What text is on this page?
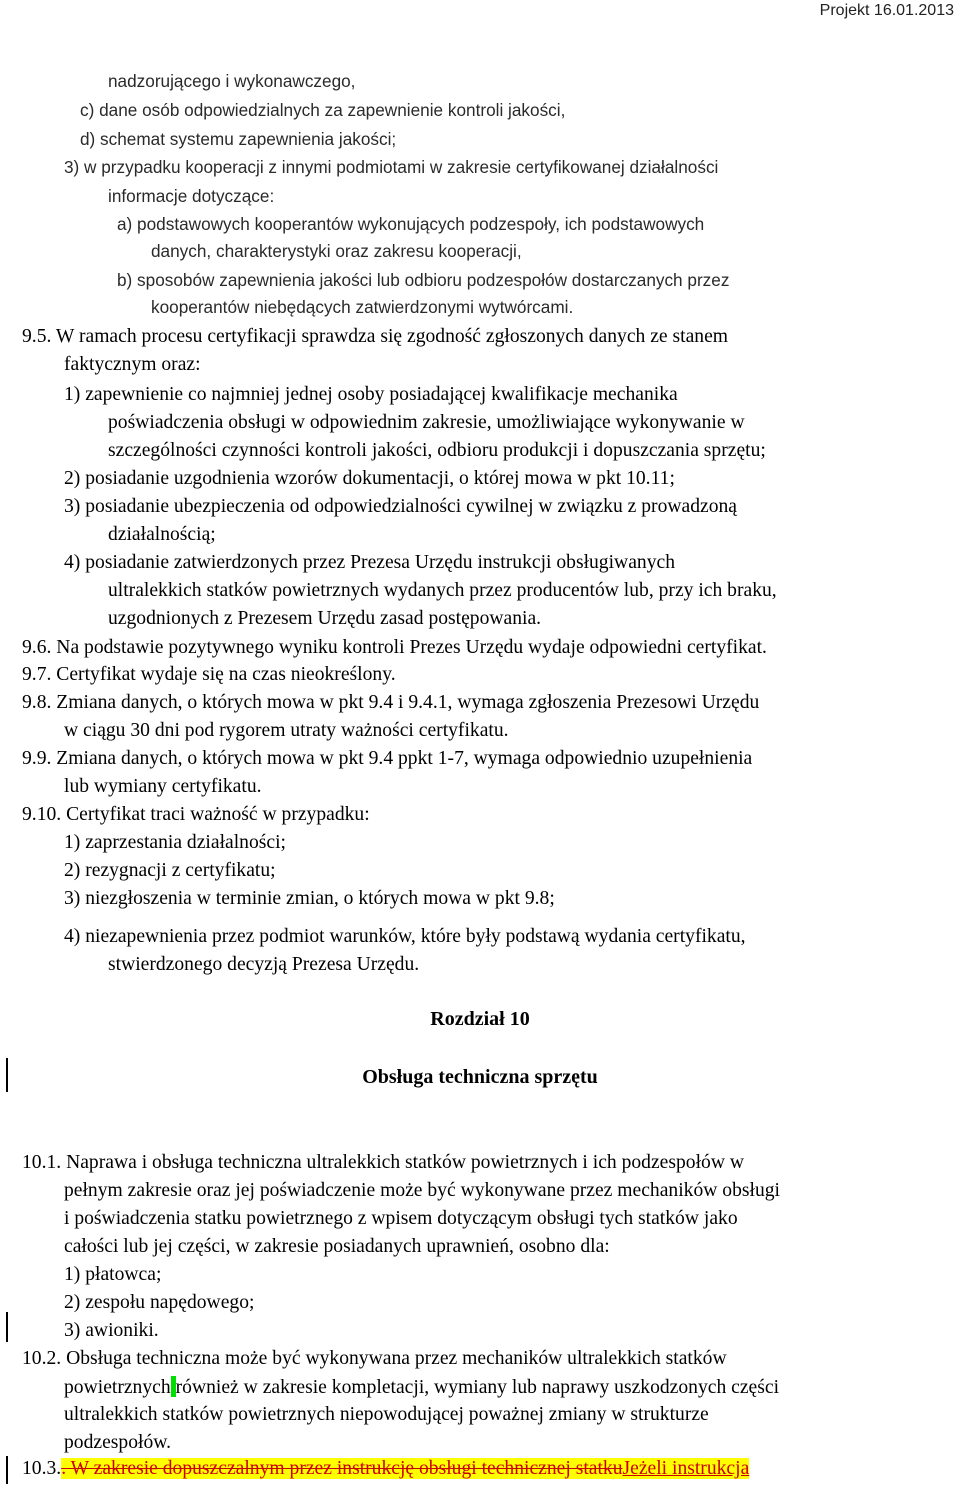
Projekt 16.01.2013
nadzorującego i wykonawczego,
c) dane osób odpowiedzialnych za zapewnienie kontroli jakości,
d) schemat systemu zapewnienia jakości;
3) w przypadku kooperacji z innymi podmiotami w zakresie certyfikowanej działalności
informacje dotyczące:
a) podstawowych kooperantów wykonujących podzespoły, ich podstawowych
danych, charakterystyki oraz zakresu kooperacji,
b) sposobów zapewnienia jakości lub odbioru podzespołów dostarczanych przez
kooperantów niebędących zatwierdzonymi wytwórcami.
9.5. W ramach procesu certyfikacji sprawdza się zgodność zgłoszonych danych ze stanem
faktycznym oraz:
1) zapewnienie co najmniej jednej osoby posiadającej kwalifikacje mechanika
poświadczenia obsługi w odpowiednim zakresie, umożliwiające wykonywanie w
szczególności czynności kontroli jakości, odbioru produkcji i dopuszczania sprzętu;
2) posiadanie uzgodnienia wzorów dokumentacji, o której mowa w pkt 10.11;
3) posiadanie ubezpieczenia od odpowiedzialności cywilnej w związku z prowadzoną
działalnością;
4) posiadanie zatwierdzonych przez Prezesa Urzędu instrukcji obsługiwanych
ultralekkich statków powietrznych wydanych przez producentów lub, przy ich braku,
uzgodnionych z Prezesem Urzędu zasad postępowania.
9.6. Na podstawie pozytywnego wyniku kontroli Prezes Urzędu wydaje odpowiedni certyfikat.
9.7. Certyfikat wydaje się na czas nieokreślony.
9.8. Zmiana danych, o których mowa w pkt 9.4 i 9.4.1, wymaga zgłoszenia Prezesowi Urzędu
w ciągu 30 dni pod rygorem utraty ważności certyfikatu.
9.9. Zmiana danych, o których mowa w pkt 9.4 ppkt 1-7, wymaga odpowiednio uzupełnienia
lub wymiany certyfikatu.
9.10. Certyfikat traci ważność w przypadku:
1) zaprzestania działalności;
2) rezygnacji z certyfikatu;
3) niezgłoszenia w terminie zmian, o których mowa w pkt 9.8;
4) niezapewnienia przez podmiot warunków, które były podstawą wydania certyfikatu,
stwierdzonego decyzją Prezesa Urzędu.
Rozdział 10
Obsługa techniczna sprzętu
10.1. Naprawa i obsługa techniczna ultralekkich statków powietrznych i ich podzespołów w
pełnym zakresie oraz jej poświadczenie może być wykonywane przez mechaników obsługi
i poświadczenia statku powietrznego z wpisem dotyczącym obsługi tych statków jako
całości lub jej części, w zakresie posiadanych uprawnień, osobno dla:
1) płatowca;
2) zespołu napędowego;
3) awioniki.
10.2. Obsługa techniczna może być wykonywana przez mechaników ultralekkich statków
powietrznych również w zakresie kompletacji, wymiany lub naprawy uszkodzonych części
ultralekkich statków powietrznych niepowodującej poważnej zmiany w strukturze
podzespołów.
10.3.. W zakresie dopuszczalnym przez instrukcję obsługi technicznej statkuJeżeli instrukcja
